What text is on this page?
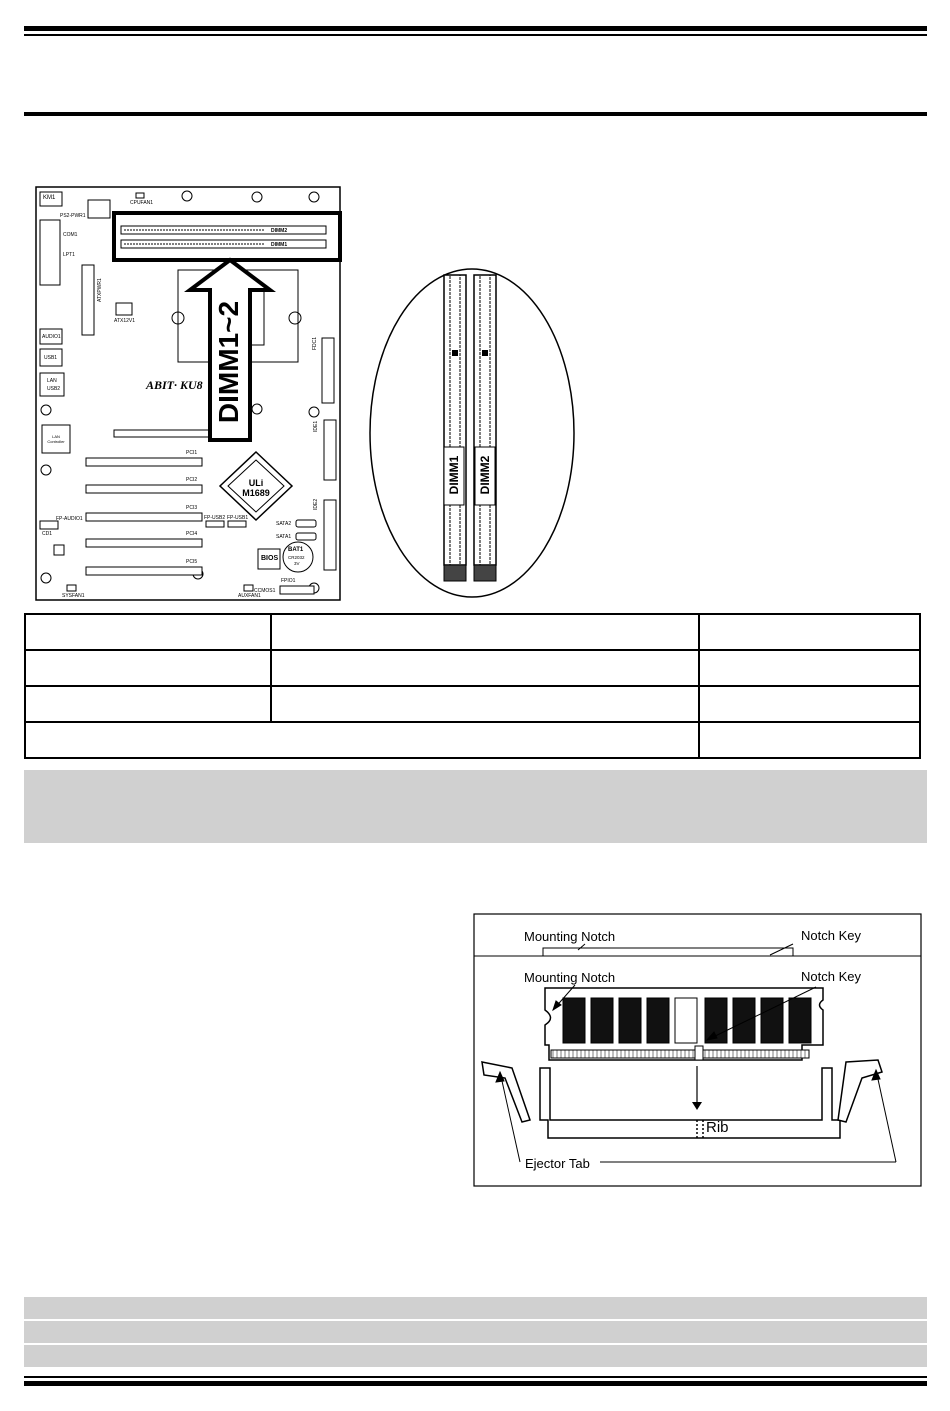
KM1
PS2-PWR1
COM1
LPT1
AUDIO1
USB1
LAN
USB2
LAN Controller
CPUFAN1
ATXPWR1
ATX12V1
FDC1
IDE1
IDE2
SATA2
SATA1
PCI1
PCI2
PCI3
PCI4
PCI5
FP-AUDIO1
CD1
FP-USB2 FP-USB1
SYSFAN1	AUXFAN1
CCMOS1
FPIO1
DIMM2
DIMM1
ABIT· KU8
ULi
M1689
BIOS
BAT1
CR2032
3V
DIMM1~2
DIMM1 DIMM2

Mounting Notch	Notch Key
Mounting Notch	Notch Key
Rib
Ejector Tab
